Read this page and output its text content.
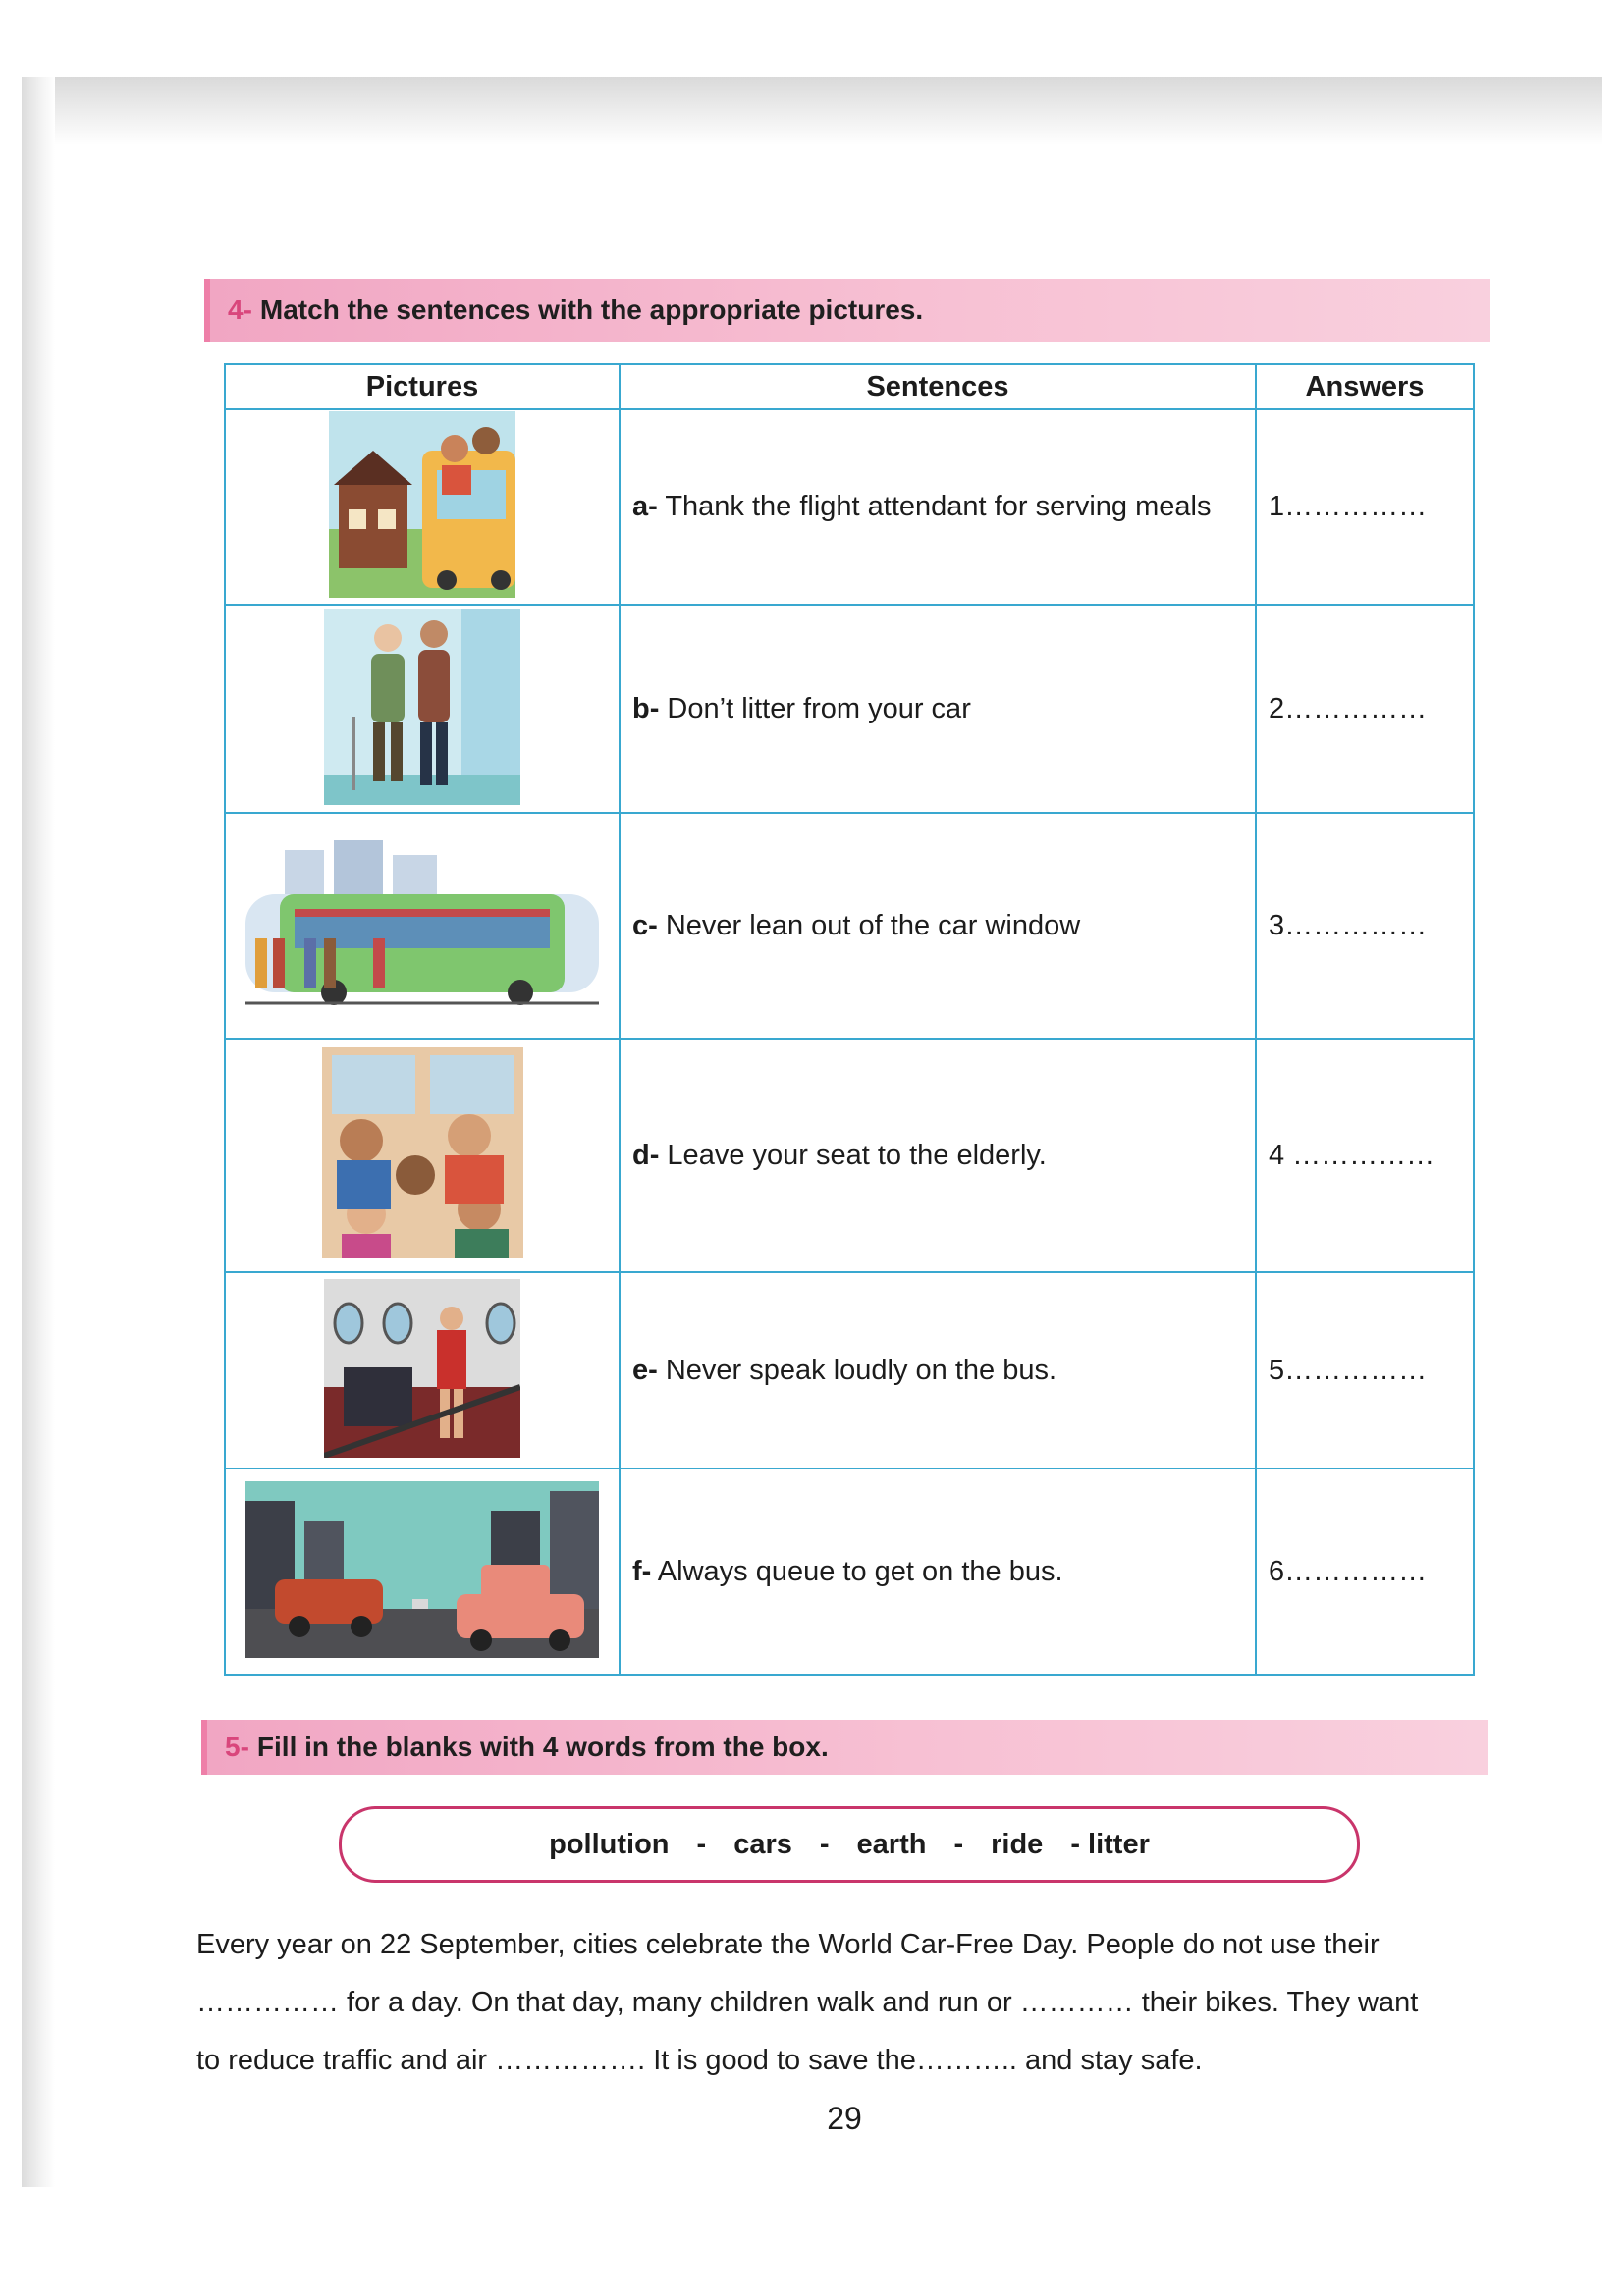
4- Match the sentences with the appropriate pictures.
Pictures	Sentences	Answers
	a- Thank the flight attendant for serving meals	1……………
	b- Don’t litter from your car	2……………
	c- Never lean out of the car window	3……………
	d- Leave your seat to the elderly.	4 ……………
	e- Never speak loudly on the bus.	5……………
	f- Always queue to get on the bus.	6……………
5- Fill in the blanks with 4 words from the box.
pollution - cars - earth - ride - litter
Every year on 22 September, cities celebrate the World Car-Free Day. People do not use their
…………… for a day. On that day, many children walk and run or ………… their bikes. They want
to reduce traffic and air ……………. It is good to save the……….. and stay safe.
29
